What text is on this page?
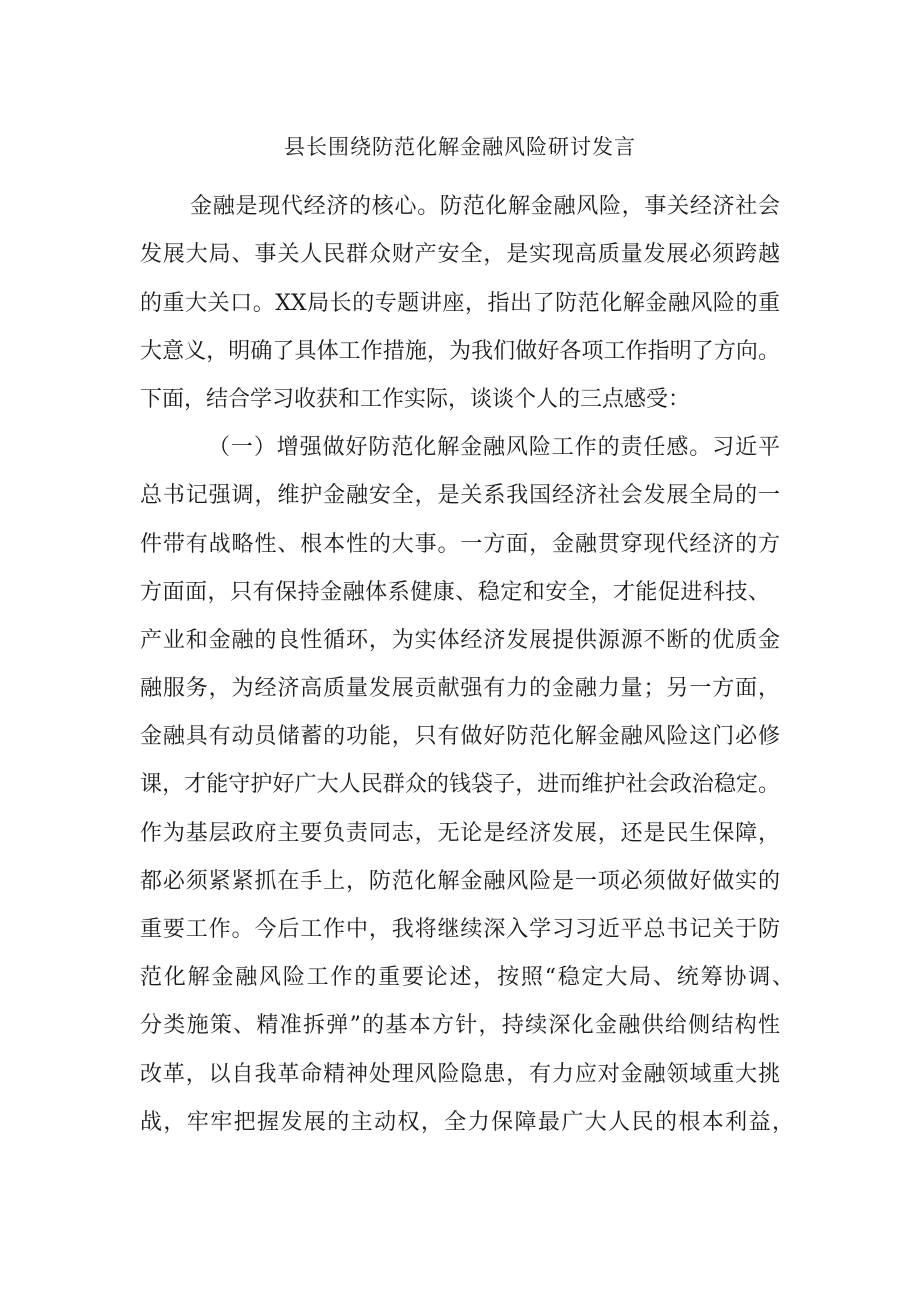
县长围绕防范化解金融风险研讨发言
金融是现代经济的核心。防范化解金融风险，事关经济社会
发展大局、事关人民群众财产安全，是实现高质量发展必须跨越
的重大关口。XX局长的专题讲座，指出了防范化解金融风险的重
大意义，明确了具体工作措施，为我们做好各项工作指明了方向。
下面，结合学习收获和工作实际，谈谈个人的三点感受：
（一）增强做好防范化解金融风险工作的责任感。习近平
总书记强调，维护金融安全，是关系我国经济社会发展全局的一
件带有战略性、根本性的大事。一方面，金融贯穿现代经济的方
方面面，只有保持金融体系健康、稳定和安全，才能促进科技、
产业和金融的良性循环，为实体经济发展提供源源不断的优质金
融服务，为经济高质量发展贡献强有力的金融力量；另一方面，
金融具有动员储蓄的功能，只有做好防范化解金融风险这门必修
课，才能守护好广大人民群众的钱袋子，进而维护社会政治稳定。
作为基层政府主要负责同志，无论是经济发展，还是民生保障，
都必须紧紧抓在手上，防范化解金融风险是一项必须做好做实的
重要工作。今后工作中，我将继续深入学习习近平总书记关于防
范化解金融风险工作的重要论述，按照“稳定大局、统筹协调、
分类施策、精准拆弹”的基本方针，持续深化金融供给侧结构性
改革，以自我革命精神处理风险隐患，有力应对金融领域重大挑
战，牢牢把握发展的主动权，全力保障最广大人民的根本利益，
